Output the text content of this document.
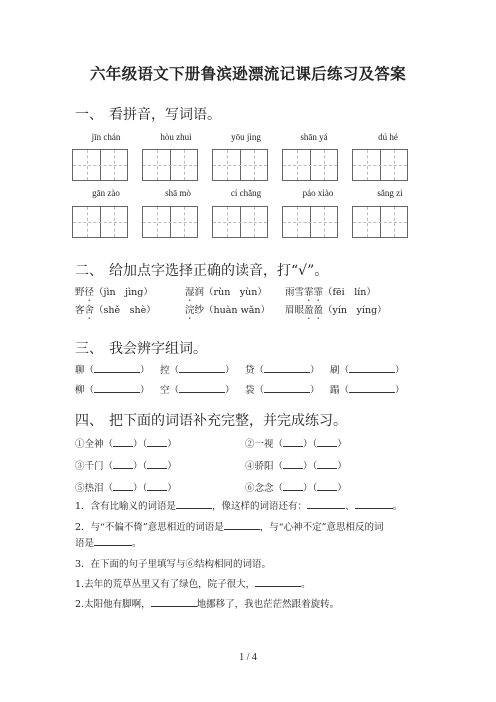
六年级语文下册鲁滨逊漂流记课后练习及答案
一、 看拼音，写词语。
jīn chán	hòu zhuì	yōu jìng	shān yá	dú hé
gān zào	shā mò	cí chǎng	páo xiào	sǎng zi
二、 给加点字选择正确的读音，打“√”。
野径（jìn　jìng）	湿润（rùn　yùn） 雨雪霏霏（fēi　lín）
客舍（shě　shè）	浣纱（huàn wǎn） 眉眼盈盈（yín　yíng）
三、 我会辨字组词。
聊（	） 控（	） 贷（	） 刷（	）
柳（	） 空（	） 袋（	） 蹋（	）
四、 把下面的词语补充完整，并完成练习。
①全神（ ）（ ）	②一视（ ）（ ）
③千门（ ）（ ）	④骄阳（ ）（ ）
⑤热泪（ ）（ ）	⑥念念（ ）（ ）
1．含有比喻义的词语是	，像这样的词语还有：	、	。
2．与“不偏不倚”意思相近的词语是	，与“心神不定”意思相反的词
语是	。
3．在下面的句子里填写与⑥结构相同的词语。
1.去年的荒草丛里又有了绿色，院子很大，	。
2.太阳他有脚啊，	地挪移了，我也茫茫然跟着旋转。
1 / 4
